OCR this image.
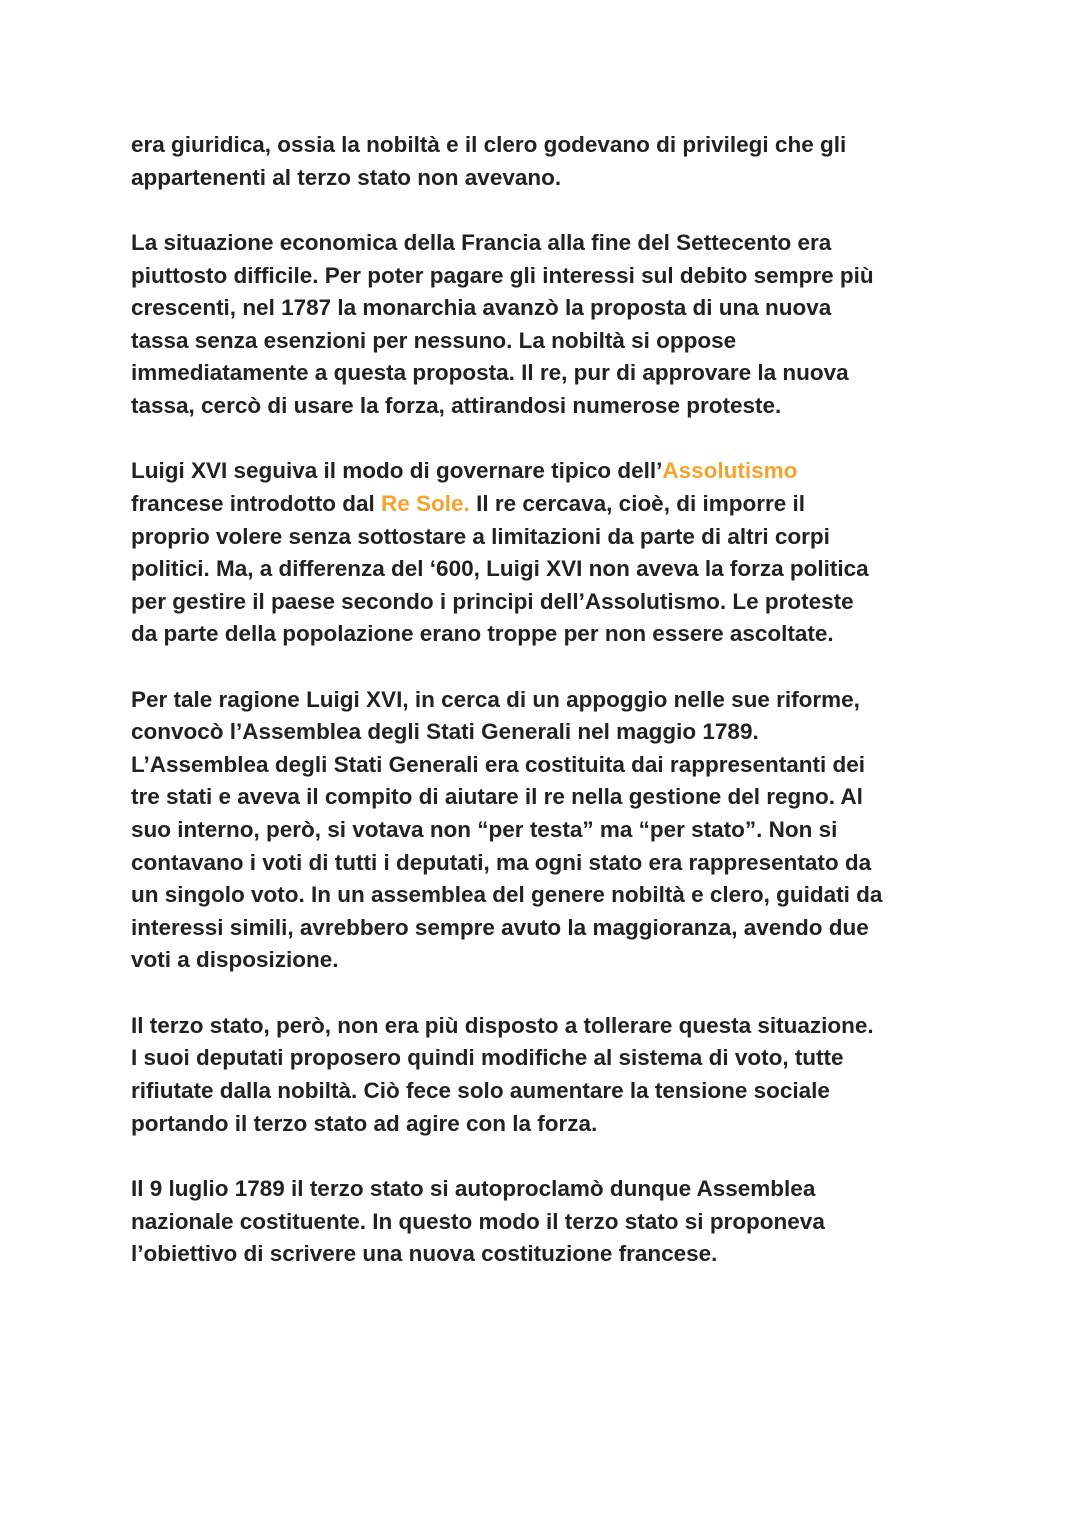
era giuridica, ossia la nobiltà e il clero godevano di privilegi che gli
appartenenti al terzo stato non avevano.

La situazione economica della Francia alla fine del Settecento era
piuttosto difficile. Per poter pagare gli interessi sul debito sempre più
crescenti, nel 1787 la monarchia avanzò la proposta di una nuova
tassa senza esenzioni per nessuno. La nobiltà si oppose
immediatamente a questa proposta. Il re, pur di approvare la nuova
tassa, cercò di usare la forza, attirandosi numerose proteste.

Luigi XVI seguiva il modo di governare tipico dell’Assolutismo
francese introdotto dal Re Sole. Il re cercava, cioè, di imporre il
proprio volere senza sottostare a limitazioni da parte di altri corpi
politici. Ma, a differenza del ‘600, Luigi XVI non aveva la forza politica
per gestire il paese secondo i principi dell’Assolutismo. Le proteste
da parte della popolazione erano troppe per non essere ascoltate.

Per tale ragione Luigi XVI, in cerca di un appoggio nelle sue riforme,
convocò l’Assemblea degli Stati Generali nel maggio 1789.
L’Assemblea degli Stati Generali era costituita dai rappresentanti dei
tre stati e aveva il compito di aiutare il re nella gestione del regno. Al
suo interno, però, si votava non “per testa” ma “per stato”. Non si
contavano i voti di tutti i deputati, ma ogni stato era rappresentato da
un singolo voto. In un assemblea del genere nobiltà e clero, guidati da
interessi simili, avrebbero sempre avuto la maggioranza, avendo due
voti a disposizione.

Il terzo stato, però, non era più disposto a tollerare questa situazione.
I suoi deputati proposero quindi modifiche al sistema di voto, tutte
rifiutate dalla nobiltà. Ciò fece solo aumentare la tensione sociale
portando il terzo stato ad agire con la forza.

Il 9 luglio 1789 il terzo stato si autoproclamò dunque Assemblea
nazionale costituente. In questo modo il terzo stato si proponeva
l’obiettivo di scrivere una nuova costituzione francese.
